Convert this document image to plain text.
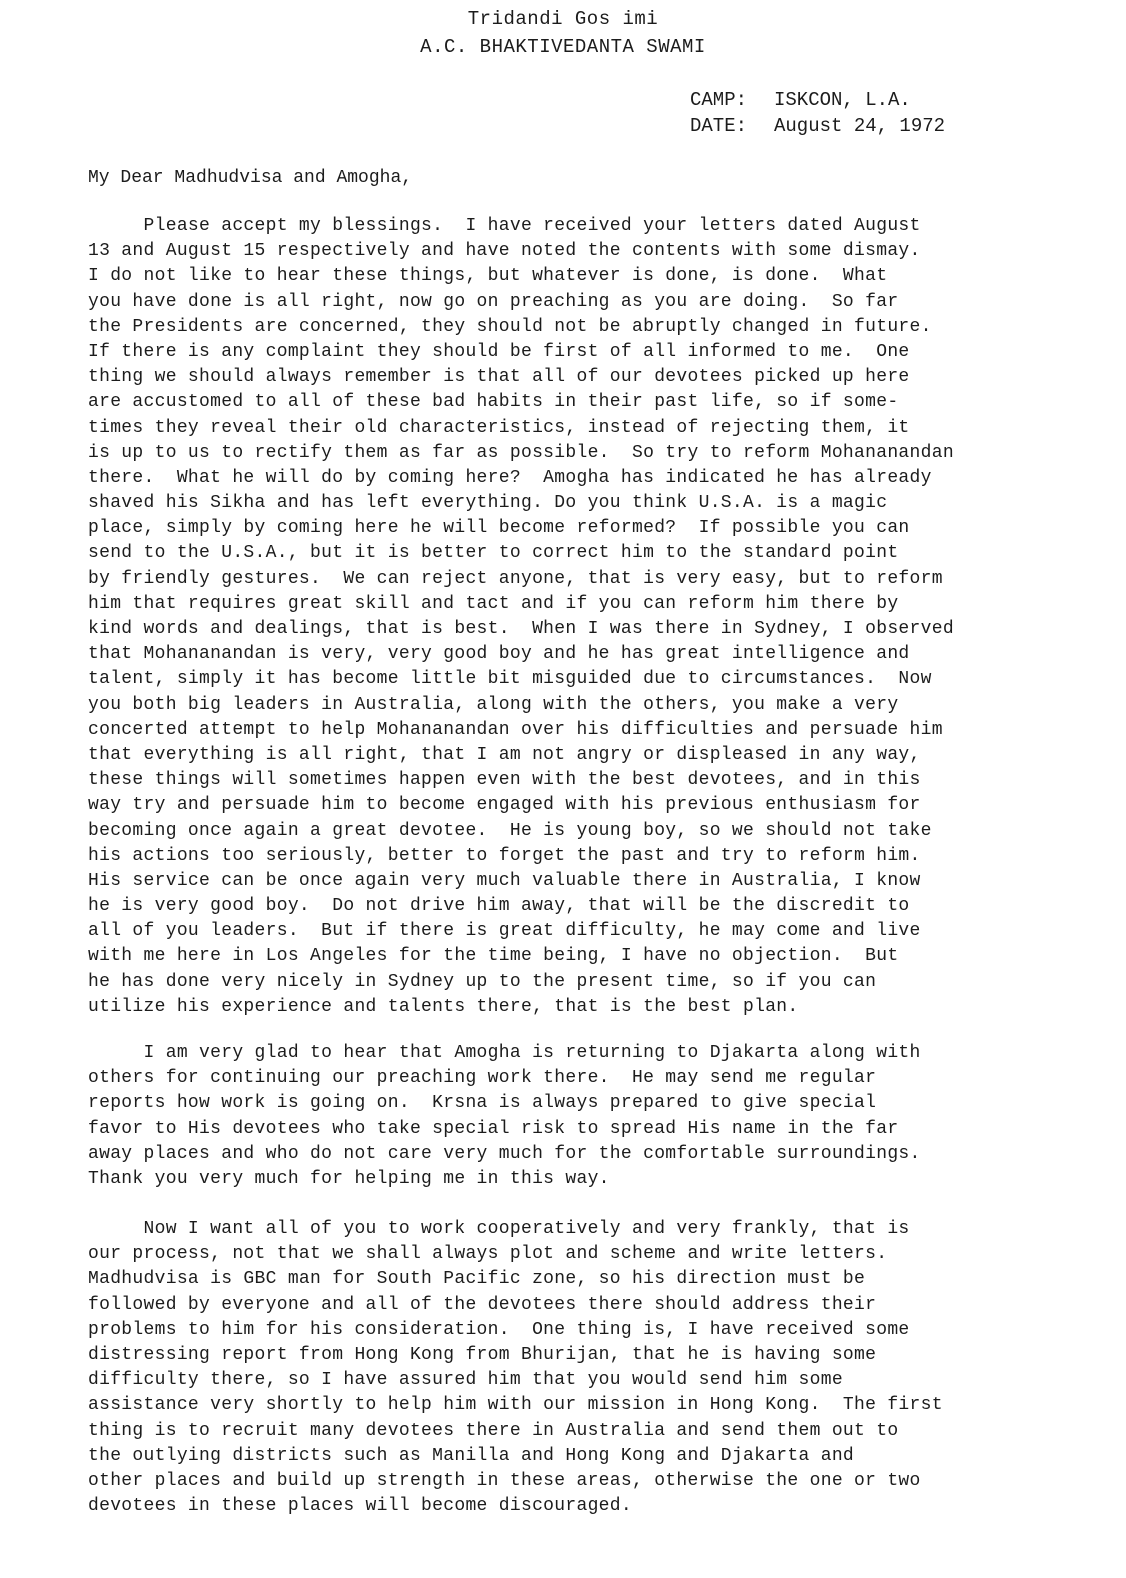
Tridandi Gos imi
A.C. BHAKTIVEDANTA SWAMI
CAMP: ISKCON, L.A.
DATE: August 24, 1972
My Dear Madhudvisa and Amogha,
Please accept my blessings.  I have received your letters dated August
13 and August 15 respectively and have noted the contents with some dismay.
I do not like to hear these things, but whatever is done, is done.  What
you have done is all right, now go on preaching as you are doing.  So far
the Presidents are concerned, they should not be abruptly changed in future.
If there is any complaint they should be first of all informed to me.  One
thing we should always remember is that all of our devotees picked up here
are accustomed to all of these bad habits in their past life, so if some-
times they reveal their old characteristics, instead of rejecting them, it
is up to us to rectify them as far as possible.  So try to reform Mohananandan
there.  What he will do by coming here?  Amogha has indicated he has already
shaved his Sikha and has left everything. Do you think U.S.A. is a magic
place, simply by coming here he will become reformed?  If possible you can
send to the U.S.A., but it is better to correct him to the standard point
by friendly gestures.  We can reject anyone, that is very easy, but to reform
him that requires great skill and tact and if you can reform him there by
kind words and dealings, that is best.  When I was there in Sydney, I observed
that Mohananandan is very, very good boy and he has great intelligence and
talent, simply it has become little bit misguided due to circumstances.  Now
you both big leaders in Australia, along with the others, you make a very
concerted attempt to help Mohananandan over his difficulties and persuade him
that everything is all right, that I am not angry or displeased in any way,
these things will sometimes happen even with the best devotees, and in this
way try and persuade him to become engaged with his previous enthusiasm for
becoming once again a great devotee.  He is young boy, so we should not take
his actions too seriously, better to forget the past and try to reform him.
His service can be once again very much valuable there in Australia, I know
he is very good boy.  Do not drive him away, that will be the discredit to
all of you leaders.  But if there is great difficulty, he may come and live
with me here in Los Angeles for the time being, I have no objection.  But
he has done very nicely in Sydney up to the present time, so if you can
utilize his experience and talents there, that is the best plan.
I am very glad to hear that Amogha is returning to Djakarta along with
others for continuing our preaching work there.  He may send me regular
reports how work is going on.  Krsna is always prepared to give special
favor to His devotees who take special risk to spread His name in the far
away places and who do not care very much for the comfortable surroundings.
Thank you very much for helping me in this way.
Now I want all of you to work cooperatively and very frankly, that is
our process, not that we shall always plot and scheme and write letters.
Madhudvisa is GBC man for South Pacific zone, so his direction must be
followed by everyone and all of the devotees there should address their
problems to him for his consideration.  One thing is, I have received some
distressing report from Hong Kong from Bhurijan, that he is having some
difficulty there, so I have assured him that you would send him some
assistance very shortly to help him with our mission in Hong Kong.  The first
thing is to recruit many devotees there in Australia and send them out to
the outlying districts such as Manilla and Hong Kong and Djakarta and
other places and build up strength in these areas, otherwise the one or two
devotees in these places will become discouraged.
